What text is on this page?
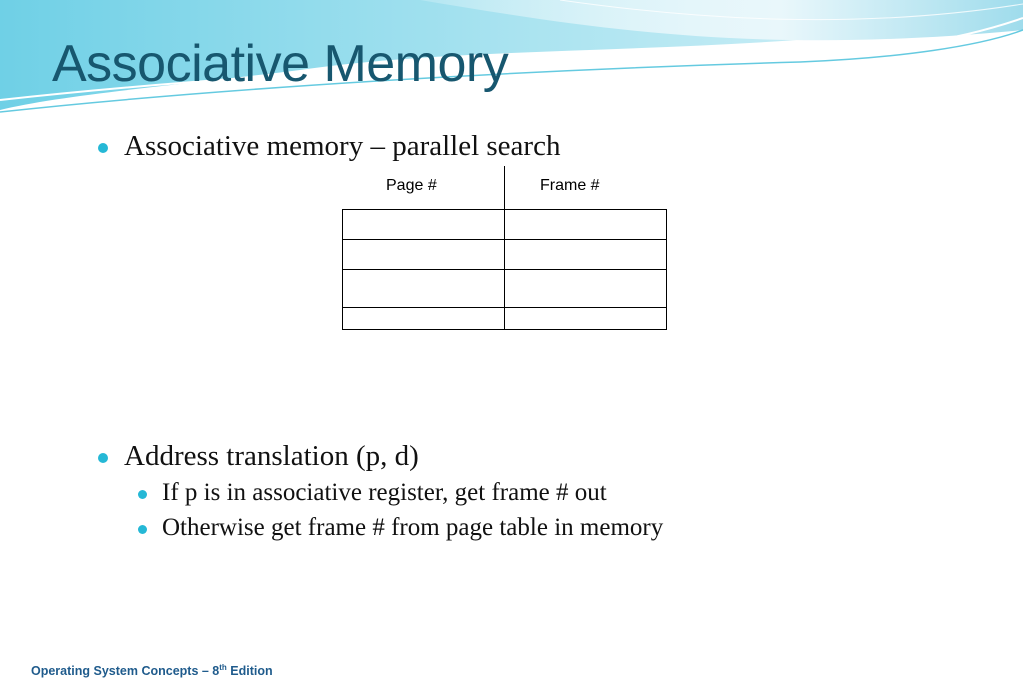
Associative Memory
Associative memory – parallel search
Page #	Frame #

Address translation (p, d)
If p is in associative register, get frame # out
Otherwise get frame # from page table in memory
Operating System Concepts – 8th Edition
